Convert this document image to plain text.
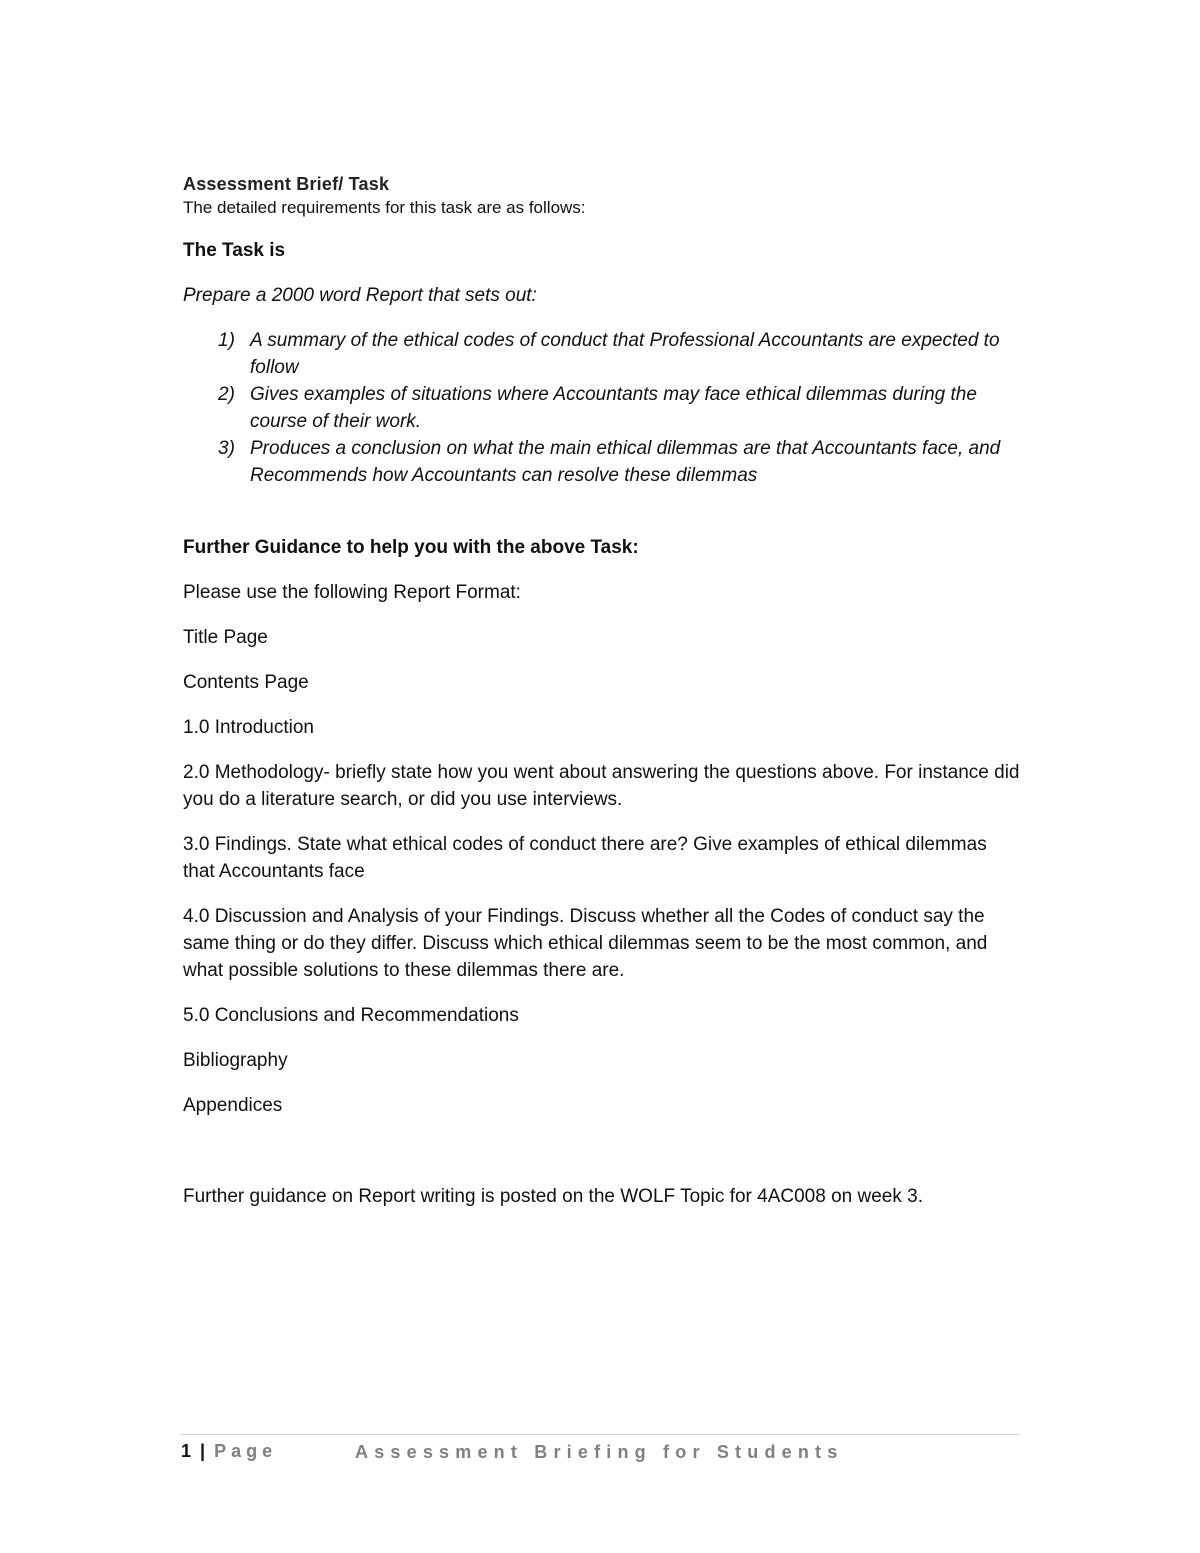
Assessment Brief/ Task

The detailed requirements for this task are as follows:

The Task is

Prepare a 2000 word Report that sets out:

1) A summary of the ethical codes of conduct that Professional Accountants are expected to follow
2) Gives examples of situations where Accountants may face ethical dilemmas during the course of their work.
3) Produces a conclusion on what the main ethical dilemmas are that Accountants face, and Recommends how Accountants can resolve these dilemmas

Further Guidance to help you with the above Task:

Please use the following Report Format:

Title Page

Contents Page

1.0 Introduction

2.0 Methodology- briefly state how you went about answering the questions above. For instance did you do a literature search, or did you use interviews.

3.0 Findings. State what ethical codes of conduct there are? Give examples of ethical dilemmas that Accountants face

4.0 Discussion and Analysis of your Findings. Discuss whether all the Codes of conduct say the same thing or do they differ. Discuss which ethical dilemmas seem to be the most common, and what possible solutions to these dilemmas there are.

5.0 Conclusions and Recommendations

Bibliography

Appendices

Further guidance on Report writing is posted on the WOLF Topic for 4AC008 on week 3.

1 | Page	Assessment Briefing for Students
